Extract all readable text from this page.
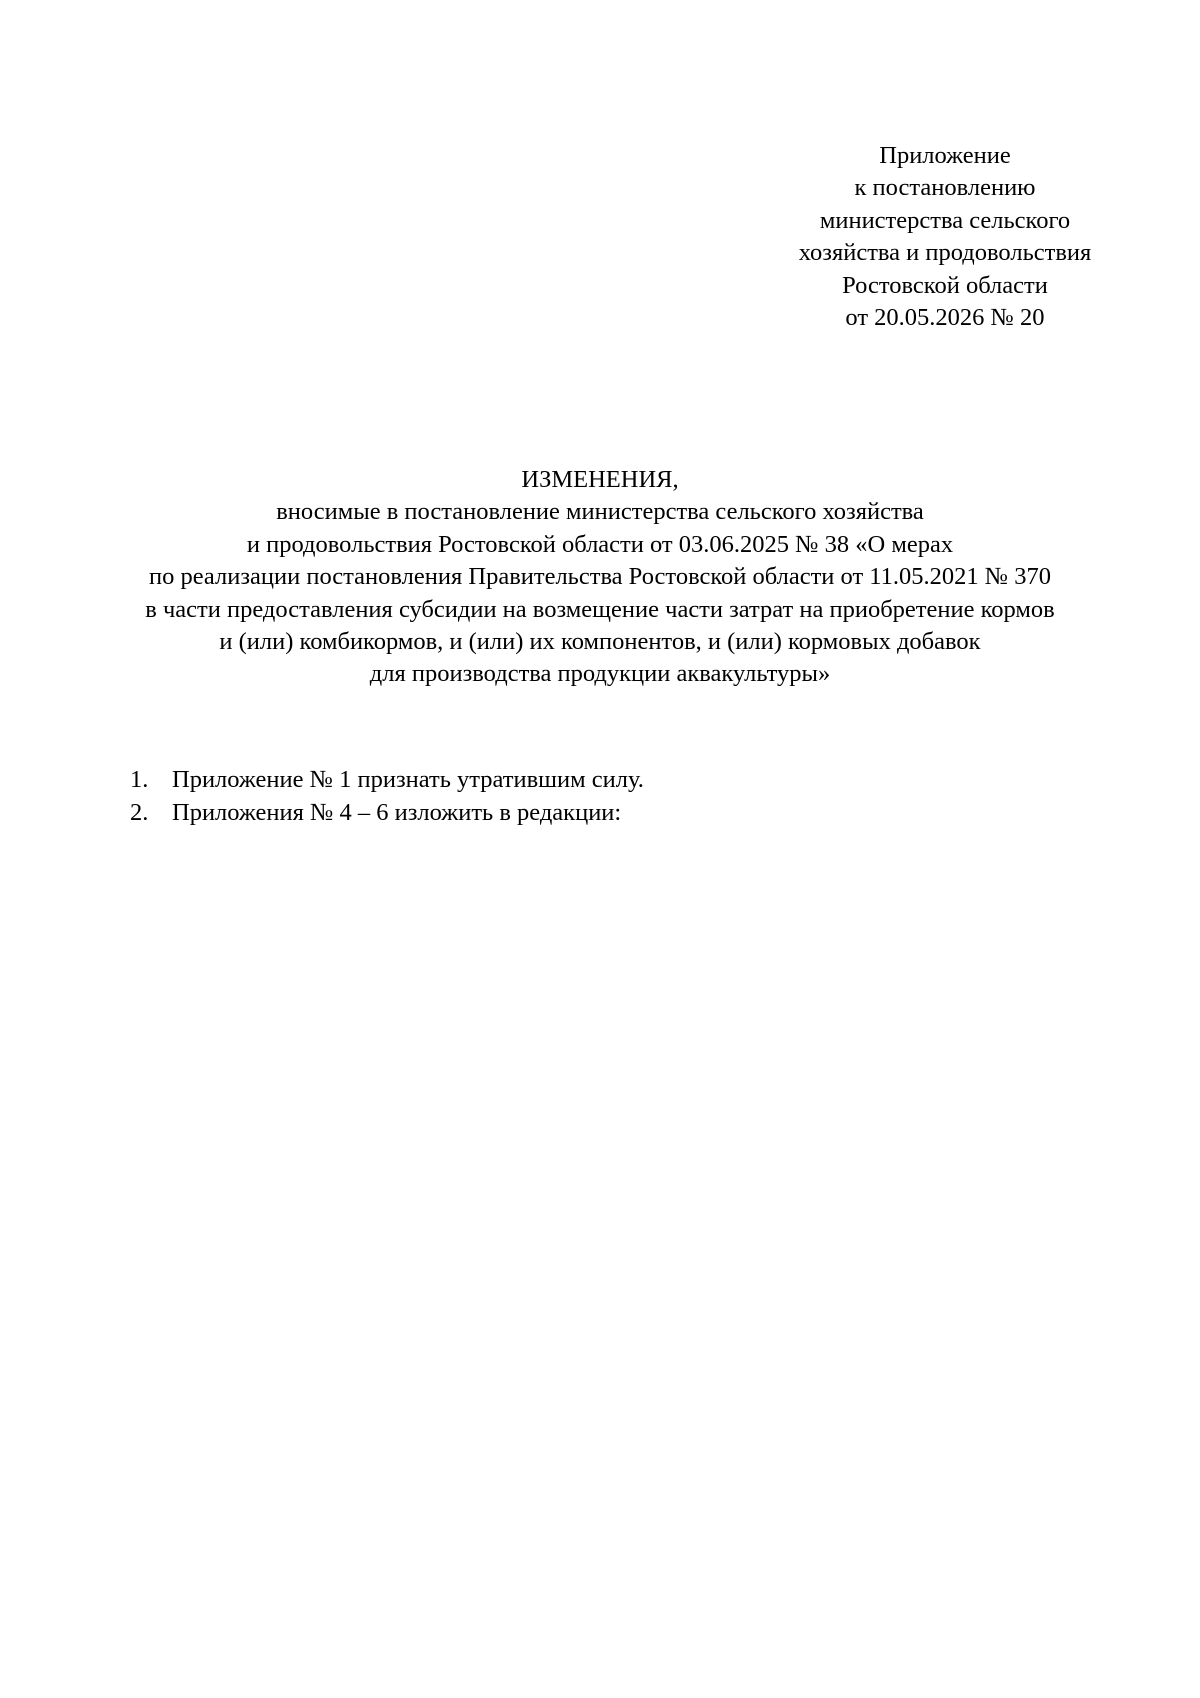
Приложение
к постановлению
министерства сельского
хозяйства и продовольствия
Ростовской области
от 20.05.2026 № 20
ИЗМЕНЕНИЯ,
вносимые в постановление министерства сельского хозяйства
и продовольствия Ростовской области от 03.06.2025 № 38 «О мерах
по реализации постановления Правительства Ростовской области от 11.05.2021 № 370
в части предоставления субсидии на возмещение части затрат на приобретение кормов
и (или) комбикормов, и (или) их компонентов, и (или) кормовых добавок
для производства продукции аквакультуры»
1. Приложение № 1 признать утратившим силу.
2. Приложения № 4 – 6 изложить в редакции:
